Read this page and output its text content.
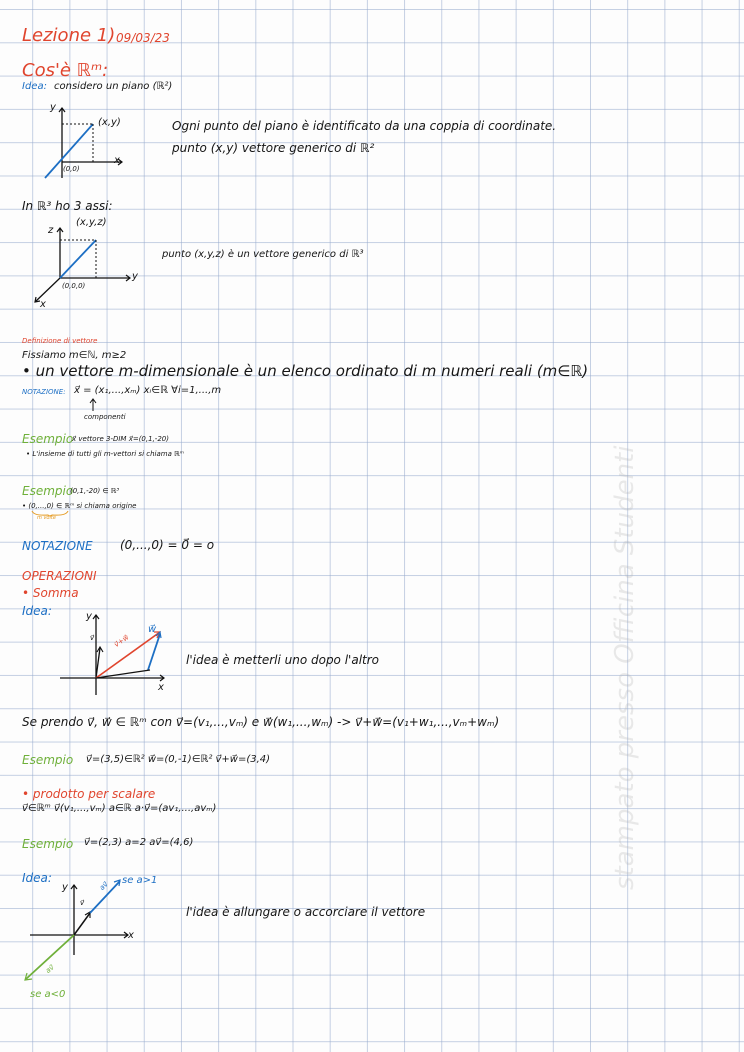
Lezione 1) 09/03/23
Cos'è ℝᵐ:
Idea: considero un piano (ℝ²)
y
x
(x,y)
(0,0)
Ogni punto del piano è identificato da una coppia di coordinate.
punto (x,y) vettore generico di ℝ²
In ℝ³ ho 3 assi:
z
y
x
(x,y,z)
(0,0,0)
punto (x,y,z) è un vettore generico di ℝ³
Definizione di vettore
Fissiamo m∈ℕ, m≥2
• un vettore m-dimensionale è un elenco ordinato di m numeri reali (m∈ℝ)
NOTAZIONE: x⃗ = (x₁,...,xₘ) xᵢ∈ℝ ∀i=1,...,m
componenti
Esempio
x⃗ vettore 3-DIM x⃗=(0,1,-20)
• L'insieme di tutti gli m-vettori si chiama ℝᵐ
Esempio
(0,1,-20) ∈ ℝ³
• (0,...,0) ∈ ℝᵐ si chiama origine
m volte
NOTAZIONE (0,...,0) = 0⃗ = o
OPERAZIONI
• Somma
Idea:	y
x
v⃗
w⃗
v⃗+w⃗
l'idea è metterli uno dopo l'altro
Se prendo v⃗, w⃗ ∈ ℝᵐ con v⃗=(v₁,...,vₘ) e w⃗(w₁,...,wₘ) -> v⃗+w⃗=(v₁+w₁,...,vₘ+wₘ)
Esempio v⃗=(3,5)∈ℝ² w⃗=(0,-1)∈ℝ² v⃗+w⃗=(3,4)
• prodotto per scalare
v⃗∈ℝᵐ v⃗(v₁,...,vₘ) a∈ℝ a·v⃗=(av₁,...,avₘ)
Esempio v⃗=(2,3) a=2 av⃗=(4,6)
Idea:
y
x
v⃗
av⃗ se a>1
av⃗
se a<0
l'idea è allungare o accorciare il vettore
stampato presso Officina Studenti
